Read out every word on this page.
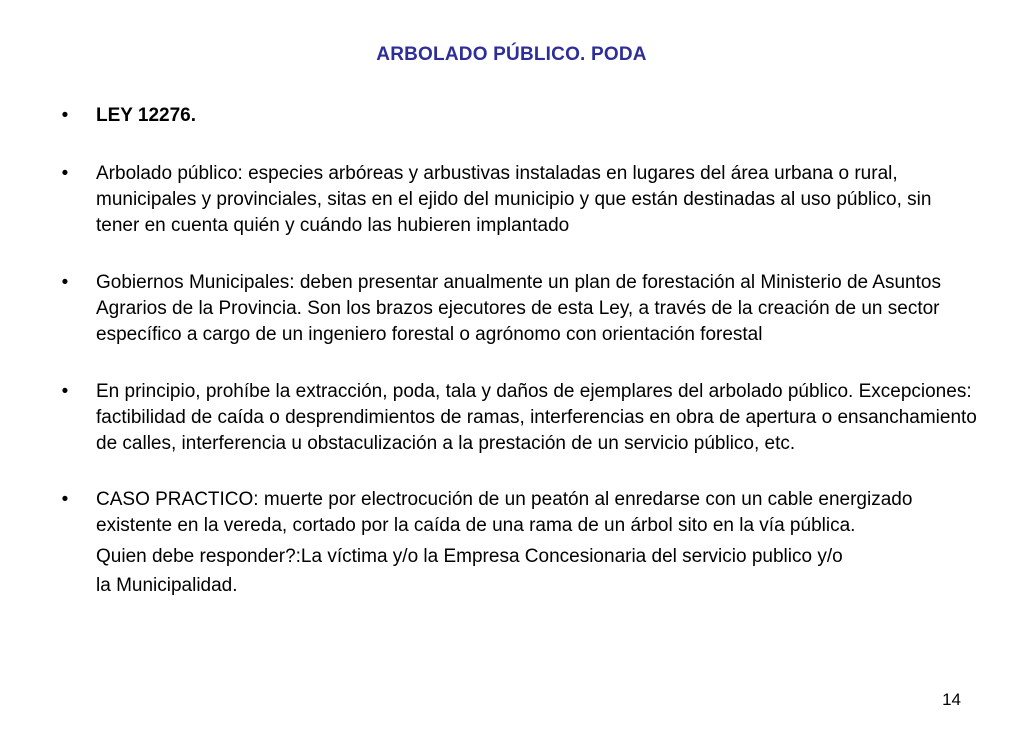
ARBOLADO PÚBLICO. PODA
• LEY 12276.
• Arbolado público: especies arbóreas y arbustivas instaladas en lugares del área urbana o rural, municipales y provinciales, sitas en el ejido del municipio y que están destinadas al uso público, sin tener en cuenta quién y cuándo las hubieren implantado
• Gobiernos Municipales: deben presentar anualmente un plan de forestación al Ministerio de Asuntos Agrarios de la Provincia. Son los brazos ejecutores de esta Ley, a través de la creación de un sector específico a cargo de un ingeniero forestal o agrónomo con orientación forestal
• En principio, prohíbe la extracción, poda, tala y daños de ejemplares del arbolado público. Excepciones: factibilidad de caída o desprendimientos de ramas, interferencias en obra de apertura o ensanchamiento de calles, interferencia u obstaculización a la prestación de un servicio público, etc.
• CASO PRACTICO: muerte por electrocución de un peatón al enredarse con un cable energizado existente en la vereda, cortado por la caída de una rama de un árbol sito en la vía pública.
Quien debe responder?:La víctima y/o la Empresa Concesionaria del servicio publico y/o
la Municipalidad.
14
